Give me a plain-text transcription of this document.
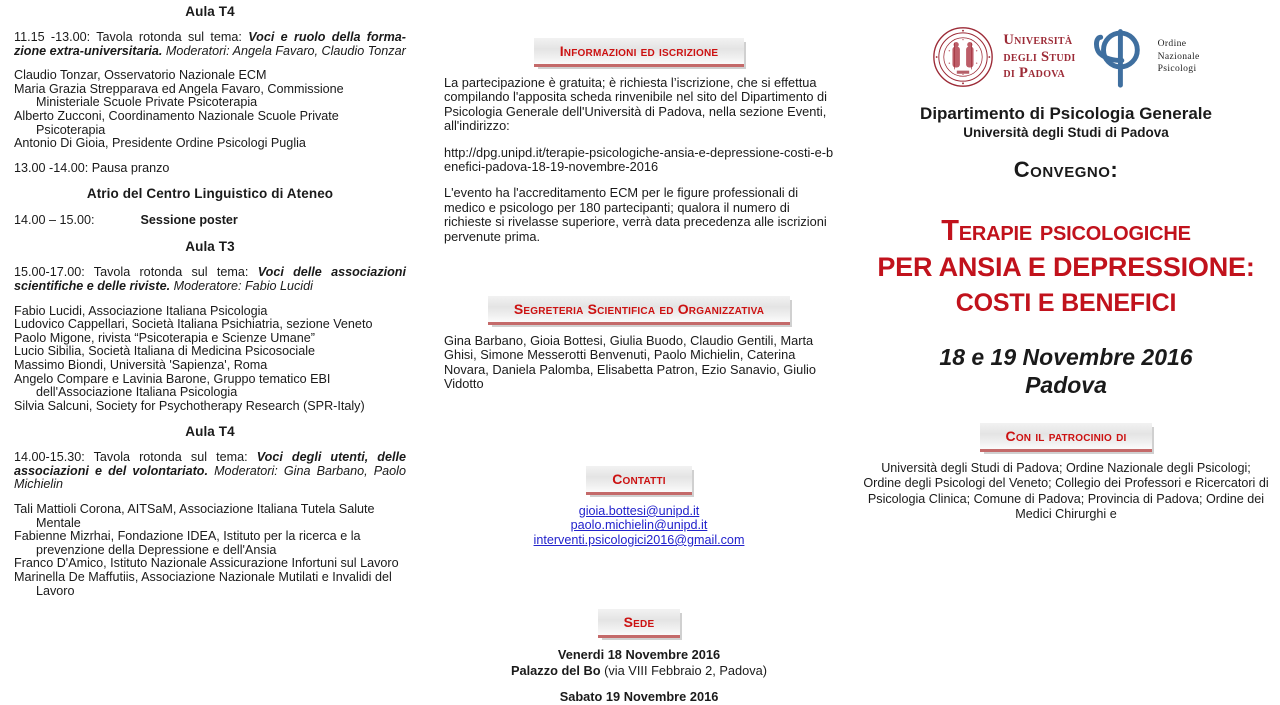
Aula T4

11.15 -13.00: Tavola rotonda sul tema: Voci e ruolo della forma-zione extra-universitaria. Moderatori: Angela Favaro, Claudio Tonzar

Claudio Tonzar, Osservatorio Nazionale ECM

Maria Grazia Strepparava ed Angela Favaro, Commissione Ministeriale Scuole Private Psicoterapia

Alberto Zucconi, Coordinamento Nazionale Scuole Private Psicoterapia

Antonio Di Gioia, Presidente Ordine Psicologi Puglia

13.00 -14.00: Pausa pranzo

Atrio del Centro Linguistico di Ateneo

14.00 – 15.00:	Sessione poster

Aula T3

15.00-17.00: Tavola rotonda sul tema: Voci delle associazioni scientifiche e delle riviste. Moderatore: Fabio Lucidi

Fabio Lucidi, Associazione Italiana Psicologia

Ludovico Cappellari, Società Italiana Psichiatria, sezione Veneto

Paolo Migone, rivista “Psicoterapia e Scienze Umane”

Lucio Sibilia, Società Italiana di Medicina Psicosociale

Massimo Biondi, Università 'Sapienza', Roma

Angelo Compare e Lavinia Barone, Gruppo tematico EBI dell'Associazione Italiana Psicologia

Silvia Salcuni, Society for Psychotherapy Research (SPR-Italy)

Aula T4

14.00-15.30: Tavola rotonda sul tema: Voci degli utenti, delle associazioni e del volontariato. Moderatori: Gina Barbano, Paolo Michielin

Tali Mattioli Corona, AITSaM, Associazione Italiana Tutela Salute Mentale

Fabienne Mizrhai, Fondazione IDEA, Istituto per la ricerca e la prevenzione della Depressione e dell'Ansia

Franco D'Amico, Istituto Nazionale Assicurazione Infortuni sul Lavoro

Marinella De Maffutiis, Associazione Nazionale Mutilati e Invalidi del Lavoro

Informazioni ed iscrizione

La partecipazione è gratuita; è richiesta l’iscrizione, che si effettua compilando l'apposita scheda rinvenibile nel sito del Dipartimento di Psicologia Generale dell'Università di Padova, nella sezione Eventi, all'indirizzo:

http://dpg.unipd.it/terapie-psicologiche-ansia-e-depressione-costi-e-benefici-padova-18-19-novembre-2016

L'evento ha l'accreditamento ECM per le figure professionali di medico e psicologo per 180 partecipanti; qualora il numero di richieste si rivelasse superiore, verrà data precedenza alle iscrizioni pervenute prima.

Segreteria Scientifica ed Organizzativa

Gina Barbano, Gioia Bottesi, Giulia Buodo, Claudio Gentili, Marta Ghisi, Simone Messerotti Benvenuti, Paolo Michielin, Caterina Novara, Daniela Palomba, Elisabetta Patron, Ezio Sanavio, Giulio Vidotto

Contatti
gioia.bottesi@unipd.it
paolo.michielin@unipd.it
interventi.psicologici2016@gmail.com
Sede
Venerdi 18 Novembre 2016
Palazzo del Bo (via VIII Febbraio 2, Padova)
Sabato 19 Novembre 2016
Università
degli Studi
di Padova
Ordine
Nazionale
Psicologi
Dipartimento di Psicologia Generale
Università degli Studi di Padova
Convegno:
Terapie psicologiche
PER ANSIA E DEPRESSIONE:
COSTI E BENEFICI
18 e 19 Novembre 2016
Padova
Con il patrocinio di
Università degli Studi di Padova; Ordine Nazionale degli Psicologi; Ordine degli Psicologi del Veneto; Collegio dei Professori e Ricercatori di Psicologia Clinica; Comune di Padova; Provincia di Padova; Ordine dei Medici Chirurghi e
